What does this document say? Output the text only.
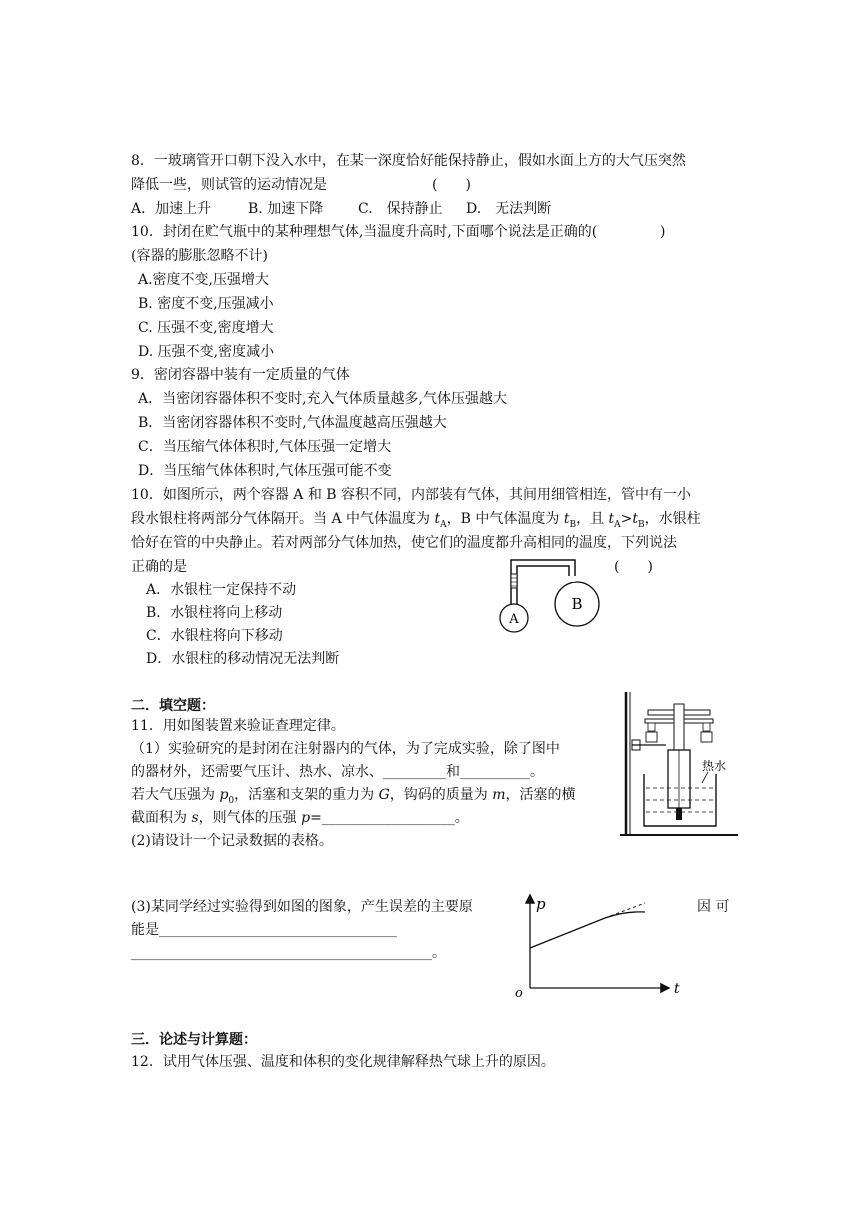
8．一玻璃管开口朝下没入水中，在某一深度恰好能保持静止，假如水面上方的大气压突然
降低一些，则试管的运动情况是	(　　)
A．加速上升	B. 加速下降 C.　保持静止 D.　无法判断
10．封闭在贮气瓶中的某种理想气体,当温度升高时,下面哪个说法是正确的(	)
(容器的膨胀忽略不计)
A.密度不变,压强增大
B. 密度不变,压强减小
C. 压强不变,密度增大
D. 压强不变,密度减小
9．密闭容器中装有一定质量的气体
A．当密闭容器体积不变时,充入气体质量越多,气体压强越大
B．当密闭容器体积不变时,气体温度越高压强越大
C．当压缩气体体积时,气体压强一定增大
D．当压缩气体体积时,气体压强可能不变
10．如图所示，两个容器 A 和 B 容积不同，内部装有气体，其间用细管相连，管中有一小
段水银柱将两部分气体隔开。当 A 中气体温度为 $t_A$，B 中气体温度为 $t_B$，且 $t_A>t_B$，水银柱
恰好在管的中央静止。若对两部分气体加热，使它们的温度都升高相同的温度，下列说法
正确的是	(　　)
A．水银柱一定保持不动
B．水银柱将向上移动
C．水银柱将向下移动
D．水银柱的移动情况无法判断
A
B
二．填空题：
11．用如图装置来验证查理定律。
（1）实验研究的是封闭在注射器内的气体，为了完成实验，除了图中
的器材外，还需要气压计、热水、凉水、_________和__________。
若大气压强为 $p_0$，活塞和支架的重力为 G，钩码的质量为 m，活塞的横
截面积为 s，则气体的压强 p=___________________。
(2)请设计一个记录数据的表格。
热水
(3)某同学经过实验得到如图的图象，产生误差的主要原	因 可
能是__________________________________
___________________________________________。
p
o	t
三．论述与计算题：
12．试用气体压强、温度和体积的变化规律解释热气球上升的原因。
